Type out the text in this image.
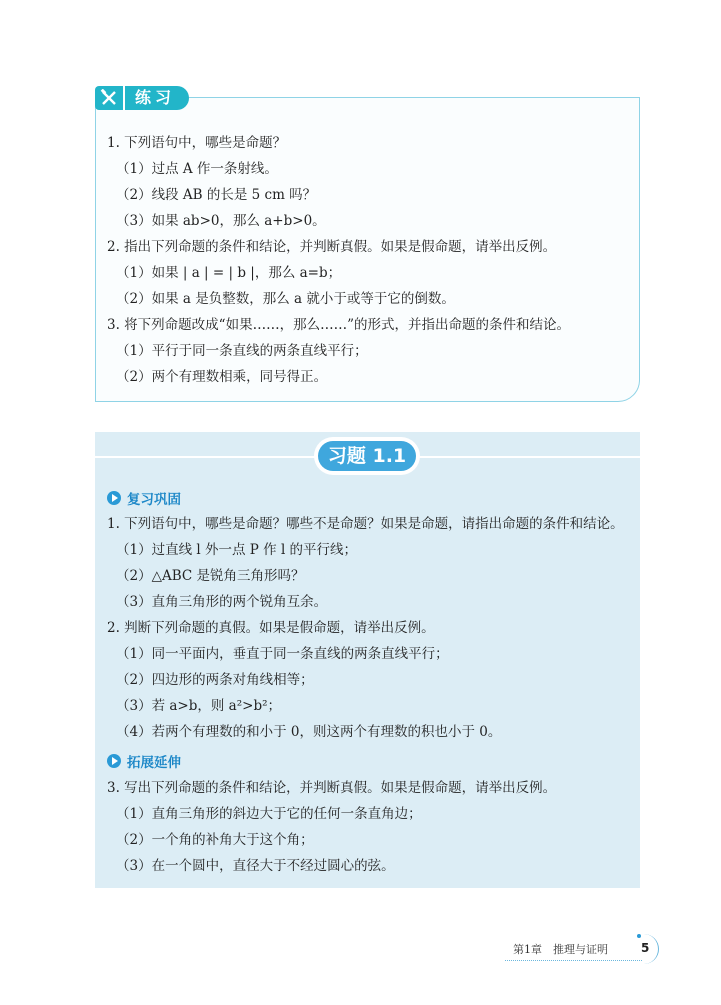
练习
1. 下列语句中，哪些是命题？
（1）过点 A 作一条射线。
（2）线段 AB 的长是 5 cm 吗？
（3）如果 ab>0，那么 a+b>0。
2. 指出下列命题的条件和结论，并判断真假。如果是假命题，请举出反例。
（1）如果 | a | = | b |，那么 a=b；
（2）如果 a 是负整数，那么 a 就小于或等于它的倒数。
3. 将下列命题改成“如果……，那么……”的形式，并指出命题的条件和结论。
（1）平行于同一条直线的两条直线平行；
（2）两个有理数相乘，同号得正。
习题 1.1
复习巩固
1. 下列语句中，哪些是命题？哪些不是命题？如果是命题，请指出命题的条件和结论。
（1）过直线 l 外一点 P 作 l 的平行线；
（2）△ABC 是锐角三角形吗？
（3）直角三角形的两个锐角互余。
2. 判断下列命题的真假。如果是假命题，请举出反例。
（1）同一平面内，垂直于同一条直线的两条直线平行；
（2）四边形的两条对角线相等；
（3）若 a>b，则 a²>b²；
（4）若两个有理数的和小于 0，则这两个有理数的积也小于 0。
拓展延伸
3. 写出下列命题的条件和结论，并判断真假。如果是假命题，请举出反例。
（1）直角三角形的斜边大于它的任何一条直角边；
（2）一个角的补角大于这个角；
（3）在一个圆中，直径大于不经过圆心的弦。
第1章　推理与证明	5
